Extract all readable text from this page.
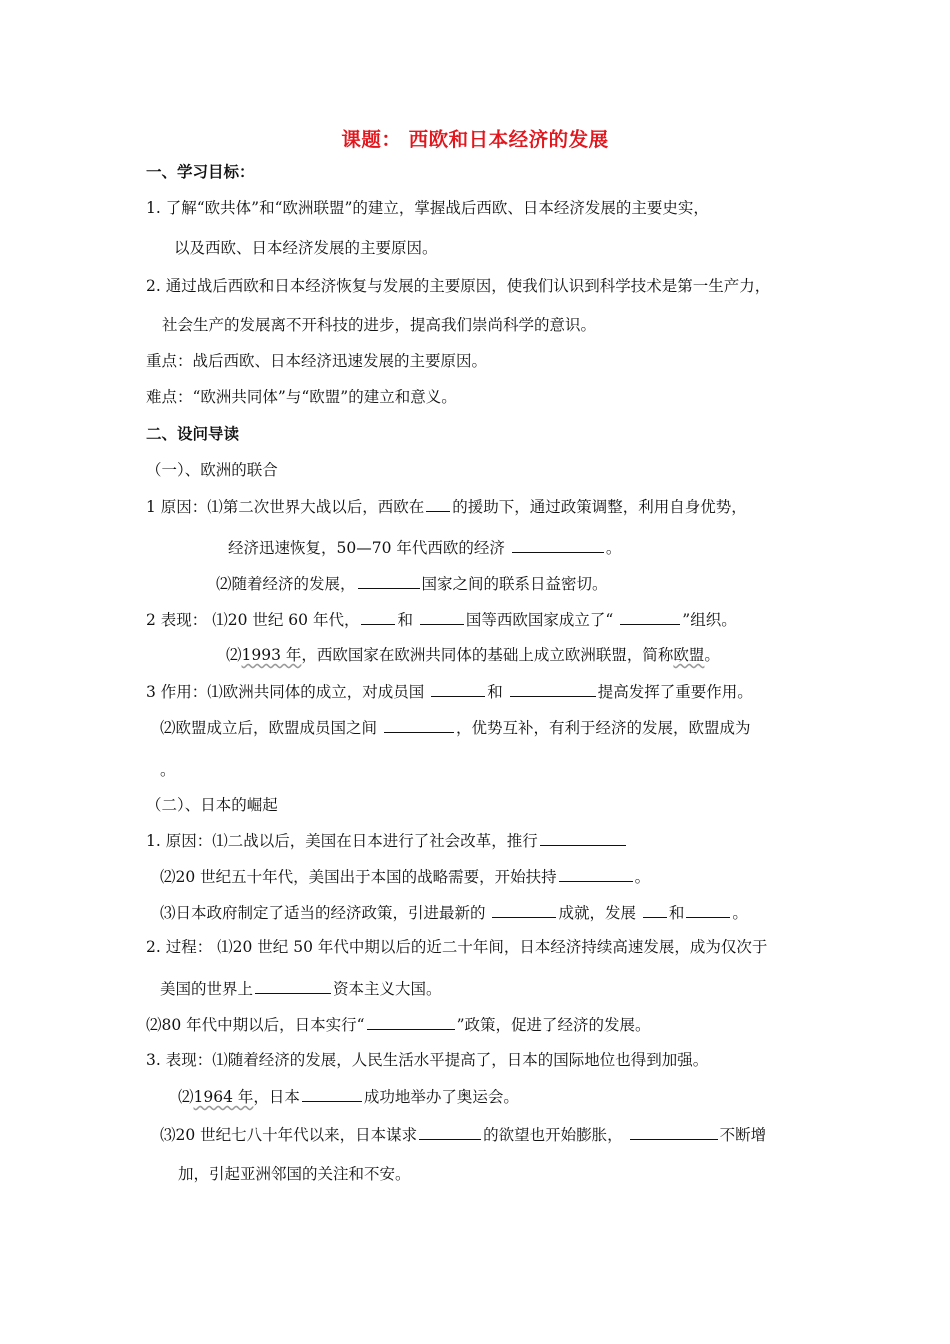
课题： 西欧和日本经济的发展
一、学习目标：
1. 了解“欧共体”和“欧洲联盟”的建立，掌握战后西欧、日本经济发展的主要史实，
以及西欧、日本经济发展的主要原因。
2. 通过战后西欧和日本经济恢复与发展的主要原因，使我们认识到科学技术是第一生产力，
社会生产的发展离不开科技的进步，提高我们崇尚科学的意识。
重点：战后西欧、日本经济迅速发展的主要原因。
难点：“欧洲共同体”与“欧盟”的建立和意义。
二、设问导读
（一）、欧洲的联合
1 原因：⑴第二次世界大战以后，西欧在 的援助下，通过政策调整，利用自身优势，
经济迅速恢复，50—70 年代西欧的经济	。
⑵随着经济的发展，	国家之间的联系日益密切。
2 表现： ⑴20 世纪 60 年代， 和	国等西欧国家成立了“	”组织。
⑵1993 年，西欧国家在欧洲共同体的基础上成立欧洲联盟，简称欧盟。
3 作用：⑴欧洲共同体的成立，对成员国	和	提高发挥了重要作用。
⑵欧盟成立后，欧盟成员国之间	，优势互补，有利于经济的发展，欧盟成为
。
（二）、日本的崛起
1. 原因：⑴二战以后，美国在日本进行了社会改革，推行
⑵20 世纪五十年代，美国出于本国的战略需要，开始扶持	。
⑶日本政府制定了适当的经济政策，引进最新的	成就，发展 和	。
2. 过程： ⑴20 世纪 50 年代中期以后的近二十年间，日本经济持续高速发展，成为仅次于
美国的世界上	资本主义大国。
⑵80 年代中期以后，日本实行“	”政策，促进了经济的发展。
3. 表现：⑴随着经济的发展，人民生活水平提高了，日本的国际地位也得到加强。
⑵1964 年，日本	成功地举办了奥运会。
⑶20 世纪七八十年代以来，日本谋求	的欲望也开始膨胀，	不断增
加，引起亚洲邻国的关注和不安。
